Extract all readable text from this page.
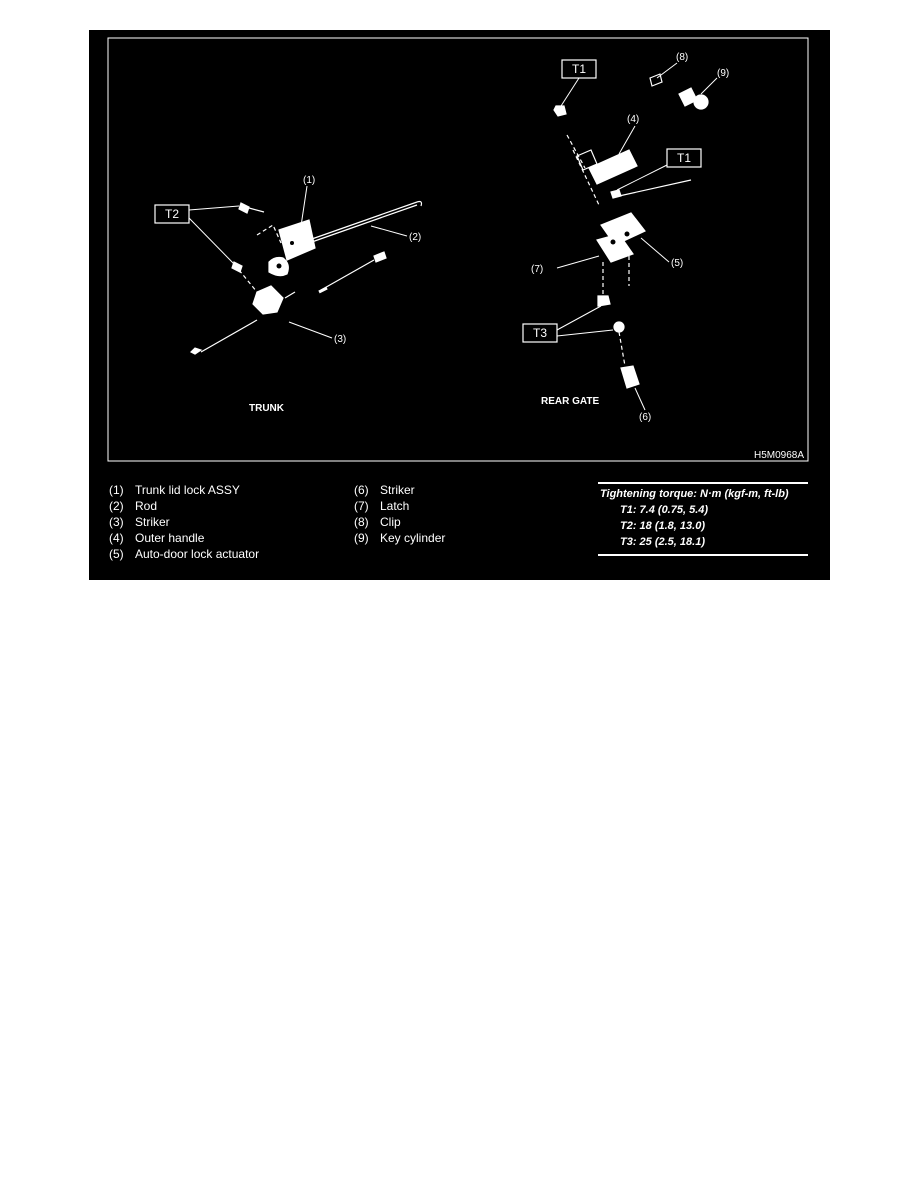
T2
(1)
(2)
(3)
TRUNK
T1
T1
T3
(8)
(9)
(4)
(5)
(7)
(6)
REAR GATE
H5M0968A
(1) Trunk lid lock ASSY
(2) Rod
(3) Striker
(4) Outer handle
(5) Auto-door lock actuator
(6) Striker
(7) Latch
(8) Clip
(9) Key cylinder
Tightening torque: N·m (kgf-m, ft-lb)
T1: 7.4 (0.75, 5.4)
T2: 18 (1.8, 13.0)
T3: 25 (2.5, 18.1)
